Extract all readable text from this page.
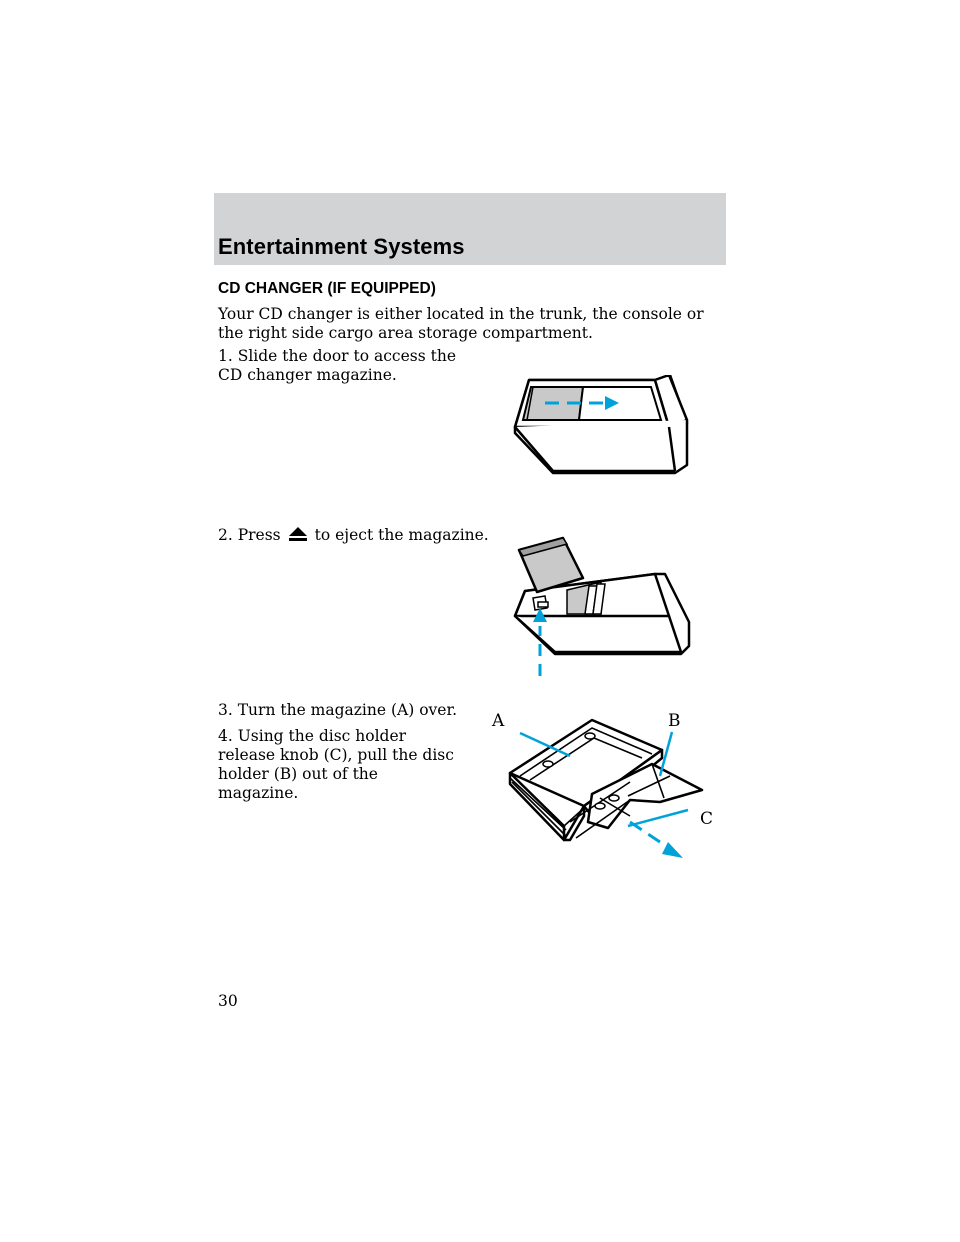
Entertainment Systems
CD CHANGER (IF EQUIPPED)
Your CD changer is either located in the trunk, the console or the right side cargo area storage compartment.
1. Slide the door to access the CD changer magazine.
2. Press to eject the magazine.
3. Turn the magazine (A) over.
4. Using the disc holder release knob (C), pull the disc holder (B) out of the magazine.
A	B
C
30
